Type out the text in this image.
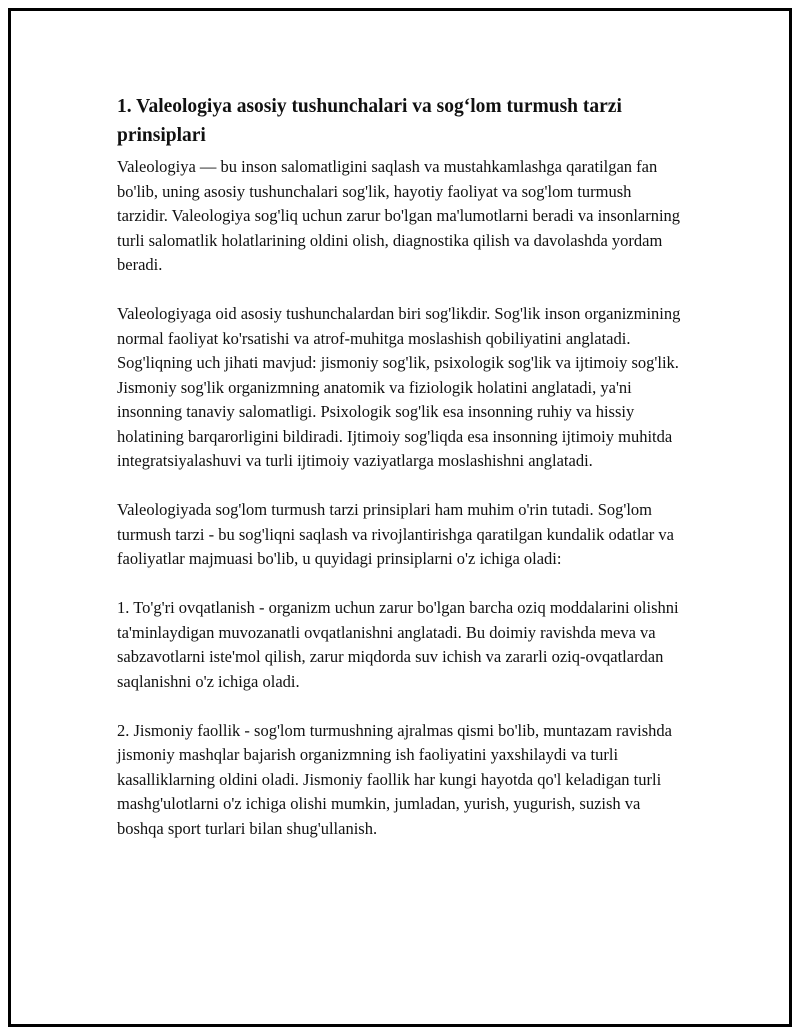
1. Valeologiya asosiy tushunchalari va sog‘lom turmush tarzi prinsiplari

Valeologiya — bu inson salomatligini saqlash va mustahkamlashga qaratilgan fan bo'lib, uning asosiy tushunchalari sog'lik, hayotiy faoliyat va sog'lom turmush tarzidir. Valeologiya sog'liq uchun zarur bo'lgan ma'lumotlarni beradi va insonlarning turli salomatlik holatlarining oldini olish, diagnostika qilish va davolashda yordam beradi.

Valeologiyaga oid asosiy tushunchalardan biri sog'likdir. Sog'lik inson organizmining normal faoliyat ko'rsatishi va atrof-muhitga moslashish qobiliyatini anglatadi. Sog'liqning uch jihati mavjud: jismoniy sog'lik, psixologik sog'lik va ijtimoiy sog'lik. Jismoniy sog'lik organizmning anatomik va fiziologik holatini anglatadi, ya'ni insonning tanaviy salomatligi. Psixologik sog'lik esa insonning ruhiy va hissiy holatining barqarorligini bildiradi. Ijtimoiy sog'liqda esa insonning ijtimoiy muhitda integratsiyalashuvi va turli ijtimoiy vaziyatlarga moslashishni anglatadi.

Valeologiyada sog'lom turmush tarzi prinsiplari ham muhim o'rin tutadi. Sog'lom turmush tarzi - bu sog'liqni saqlash va rivojlantirishga qaratilgan kundalik odatlar va faoliyatlar majmuasi bo'lib, u quyidagi prinsiplarni o'z ichiga oladi:

1. To'g'ri ovqatlanish - organizm uchun zarur bo'lgan barcha oziq moddalarini olishni ta'minlaydigan muvozanatli ovqatlanishni anglatadi. Bu doimiy ravishda meva va sabzavotlarni iste'mol qilish, zarur miqdorda suv ichish va zararli oziq-ovqatlardan saqlanishni o'z ichiga oladi.

2. Jismoniy faollik - sog'lom turmushning ajralmas qismi bo'lib, muntazam ravishda jismoniy mashqlar bajarish organizmning ish faoliyatini yaxshilaydi va turli kasalliklarning oldini oladi. Jismoniy faollik har kungi hayotda qo'l keladigan turli mashg'ulotlarni o'z ichiga olishi mumkin, jumladan, yurish, yugurish, suzish va boshqa sport turlari bilan shug'ullanish.
